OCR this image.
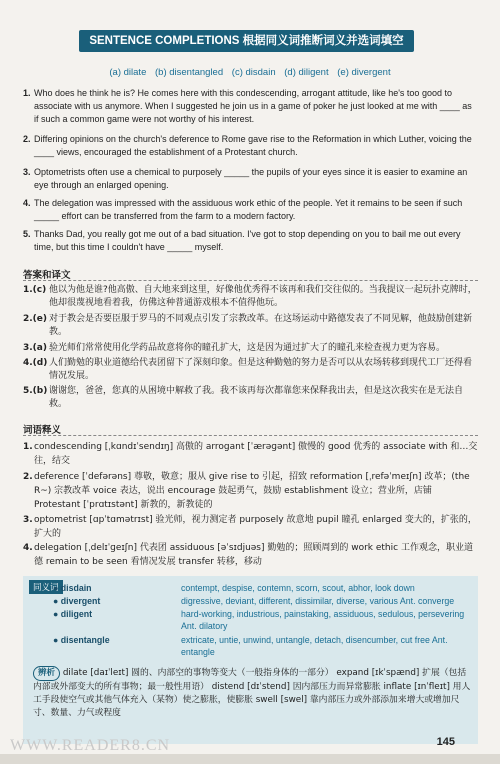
SENTENCE COMPLETIONS 根据同义词推断词义并选词填空
(a) dilate (b) disentangled (c) disdain (d) diligent (e) divergent
1. Who does he think he is? He comes here with this condescending, arrogant attitude, like he's too good to associate with us anymore. When I suggested he join us in a game of poker he just looked at me with ____ as if such a common game were not worthy of his interest.
2. Differing opinions on the church's deference to Rome gave rise to the Reformation in which Luther, voicing the ____ views, encouraged the establishment of a Protestant church.
3. Optometrists often use a chemical to purposely _____ the pupils of your eyes since it is easier to examine an eye through an enlarged opening.
4. The delegation was impressed with the assiduous work ethic of the people. Yet it remains to be seen if such _____ effort can be transferred from the farm to a modern factory.
5. Thanks Dad, you really got me out of a bad situation. I've got to stop depending on you to bail me out every time, but this time I couldn't have _____ myself.
答案和译文
1.(c) 他以为他是谁?他高傲、自大地来到这里，好像他优秀得不该再和我们交往似的。当我提议一起玩扑克牌时，他却很蔑视地看着我，仿佛这种普通游戏根本不值得他玩。
2.(e) 对于教会是否要臣服于罗马的不同观点引发了宗教改革。在这场运动中路德发表了不同见解，他鼓励创建新教。
3.(a) 验光师们常常使用化学药品故意将你的瞳孔扩大，这是因为通过扩大了的瞳孔来检查视力更为容易。
4.(d) 人们勤勉的职业道德给代表团留下了深刻印象。但是这种勤勉的努力是否可以从农场转移到现代工厂还得看情况发展。
5.(b) 谢谢您，爸爸，您真的从困境中解救了我。我不该再每次都靠您来保释我出去，但是这次我实在是无法自救。
词语释义
1. condescending [ˌkɑndɪˈsendɪŋ] 高傲的 arrogant [ˈærəɡənt] 傲慢的 good 优秀的 associate with 和…交往，结交
2. deference [ˈdefərəns] 尊敬，敬意；服从 give rise to 引起，招致 reformation [ˌrefəˈmeɪʃn] 改革；(the R~) 宗教改革 voice 表达，说出 encourage 鼓起勇气，鼓励 establishment 设立；营业所，店铺 Protestant [ˈprɑtɪstənt] 新教的，新教徒的
3. optometrist [ɑpˈtɑmətrɪst] 验光师，视力测定者 purposely 故意地 pupil 瞳孔 enlarged 变大的，扩张的，扩大的
4. delegation [ˌdelɪˈɡeɪʃn] 代表团 assiduous [əˈsɪdjuəs] 勤勉的；照顾周到的 work ethic 工作观念，职业道德 remain to be seen 看情况发展 transfer 转移，移动
同义词
● disdain	contempt, despise, contemn, scorn, scout, abhor, look down
● divergent	digressive, deviant, different, dissimilar, diverse, various Ant. converge
● diligent	hard-working, industrious, painstaking, assiduous, sedulous, persevering Ant. dilatory
● disentangle	extricate, untie, unwind, untangle, detach, disencumber, cut free Ant. entangle
辨析 dilate [daɪˈleɪt] 圆的、内部空的事物等变大（一般指身体的一部分） expand [ɪkˈspænd] 扩展（包括内部或外部变大的所有事物；最一般性用语） distend [dɪˈstend] 因内部压力而异常膨胀 inflate [ɪnˈfleɪt] 用人工手段使空气或其他气体充入（某物）使之膨胀，使膨胀 swell [swel] 靠内部压力或外部添加来增大或增加尺寸、数量、力气或程度
WWW.READER8.CN	145
